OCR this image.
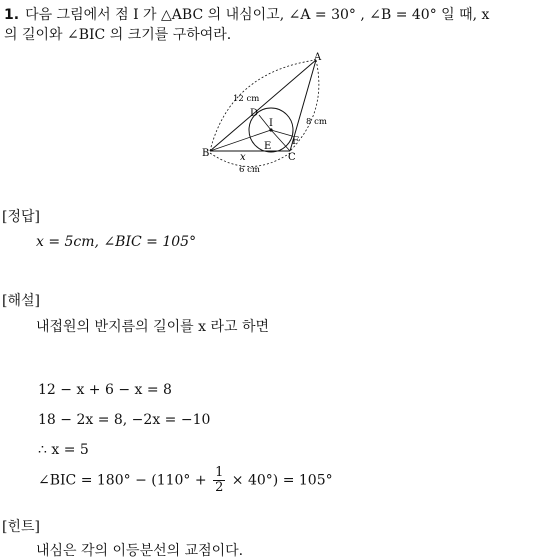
1. 다음 그림에서 점 I 가 △ABC 의 내심이고, ∠A = 30° , ∠B = 40° 일 때, x
의 길이와 ∠BIC 의 크기를 구하여라.
A
B	C
D
E F
I
x
12 cm
8 cm
6 cm
[정답]
x = 5cm, ∠BIC = 105°
[해설]
내접원의 반지름의 길이를 x 라고 하면
12 − x + 6 − x = 8
18 − 2x = 8, −2x = −10
∴ x = 5
∠BIC = $180^\circ - (110^\circ + \frac{1}{2} \times 40^\circ) = 105^\circ$
[힌트]
내심은 각의 이등분선의 교점이다.
